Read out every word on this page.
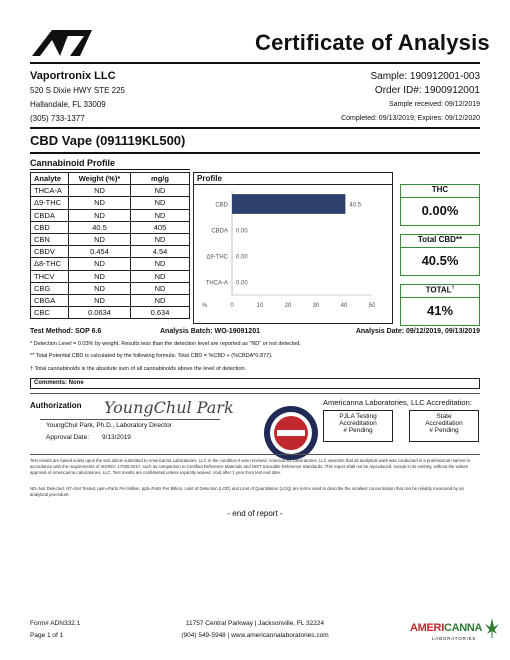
Certificate of Analysis
Vaportronix LLC
520 S Dixie HWY STE 225
Hallandale, FL 33009
(305) 733-1377
Sample: 190912001-003
Order ID#: 1900912001
Sample received: 09/12/2019
Completed: 09/13/2019; Expires: 09/12/2020
CBD Vape (091119KL500)
Cannabinoid Profile
Analyte	Weight (%)*	mg/g
THCA-A	ND	ND
Δ9-THC	ND	ND
CBDA	ND	ND
CBD	40.5	405
CBN	ND	ND
CBDV	0.454	4.54
Δ8-THC	ND	ND
THCV	ND	ND
CBG	ND	ND
CBGA	ND	ND
CBC	0.0634	0.634
Profile
CBD	40.5
CBDA 0.00
Δ9-THC 0.00
THCA-A 0.00
0	10	20	30	40	50
%
THC
0.00%
Total CBD**
40.5%
TOTAL†
41%
Test Method: SOP 6.6	Analysis Batch: WO-19091201	Analysis Date: 09/12/2019, 09/13/2019
* Detection Level = 0.03% by weight. Results less than the detection level are reported as "ND" or not detected.
** Total Potential CBD is calculated by the following formula: Total CBD = %CBD + (%CBDA*0.877).
† Total cannabinoids is the absolute sum of all cannabinoids above the level of detection.
Comments: None
Authorization YoungChul Park
YoungChul Park, Ph.D., Laboratory Director
Approval Date: 9/13/2019
Americanna Laboratories, LLC Accreditation:
PJLA Testing
Accreditation
# Pending
State
Accreditation
# Pending
Test results are based solely upon the test article submitted to Americanna Laboratories, LLC in the condition it was received. Americanna Laboratories, LLC warrants that all analytical work was conducted in a professional manner in accordance with the requirements of ISO/IEC 17025:2017, such as comparison to Certified Reference Materials and NIST traceable Reference Standards. This report shall not be reproduced, except in its entirety, without the written approval of Americanna Laboratories, LLC. Test results are confidential unless explicitly waived. Void after 1 year from test end date.
ND=Not Detected, NT=Not Tested, ppm=Parts Per Million, ppb=Parts Per Billion, Limit of Detection (LOD) and Limit of Quantitation (LOQ) are terms used to describe the smallest concentration that can be reliably measured by an analytical procedure.
- end of report -
Form# ADN332.1
Page 1 of 1
11757 Central Parkway | Jacksonville, FL 32224
(904) 549-5948 | www.americannalaboratories.com
AMERICANNA
LABORATORIES
